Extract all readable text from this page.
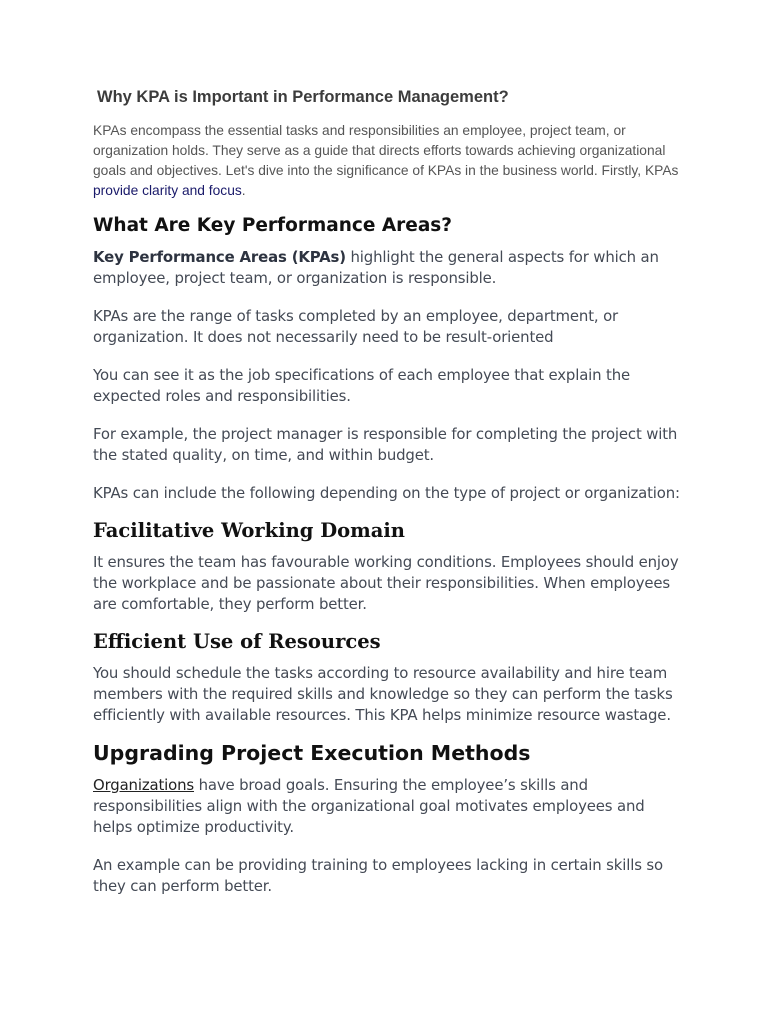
Why KPA is Important in Performance Management?

KPAs encompass the essential tasks and responsibilities an employee, project team, or organization holds. They serve as a guide that directs efforts towards achieving organizational goals and objectives. Let's dive into the significance of KPAs in the business world. Firstly, KPAs provide clarity and focus.

What Are Key Performance Areas?

Key Performance Areas (KPAs) highlight the general aspects for which an employee, project team, or organization is responsible.

KPAs are the range of tasks completed by an employee, department, or organization. It does not necessarily need to be result-oriented

You can see it as the job specifications of each employee that explain the expected roles and responsibilities.

For example, the project manager is responsible for completing the project with the stated quality, on time, and within budget.

KPAs can include the following depending on the type of project or organization:

Facilitative Working Domain

It ensures the team has favourable working conditions. Employees should enjoy the workplace and be passionate about their responsibilities. When employees are comfortable, they perform better.

Efficient Use of Resources

You should schedule the tasks according to resource availability and hire team members with the required skills and knowledge so they can perform the tasks efficiently with available resources. This KPA helps minimize resource wastage.

Upgrading Project Execution Methods

Organizations have broad goals. Ensuring the employee’s skills and responsibilities align with the organizational goal motivates employees and helps optimize productivity.

An example can be providing training to employees lacking in certain skills so they can perform better.
